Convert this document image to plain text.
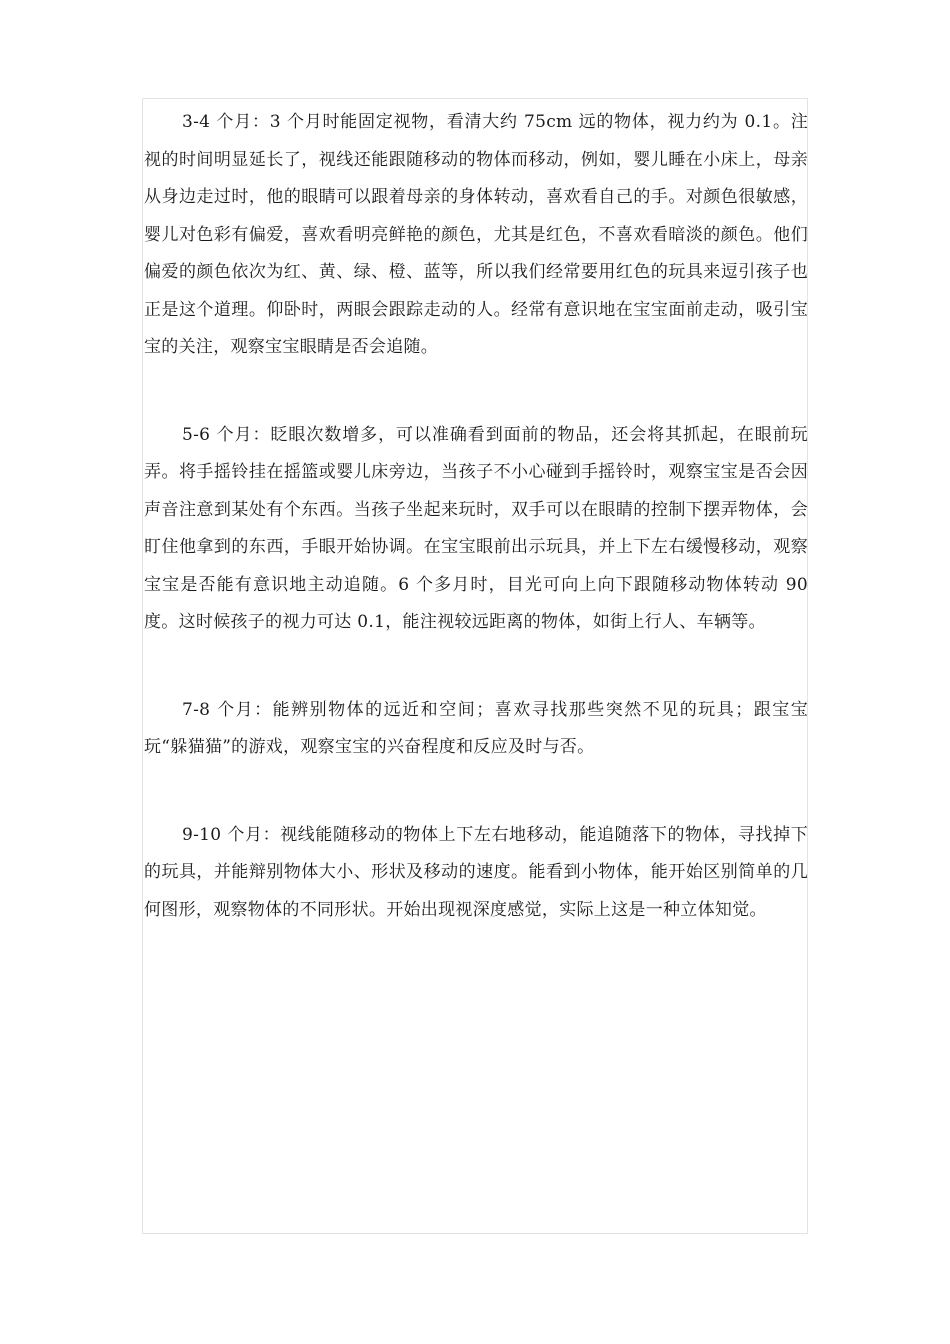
3-4 个月：3 个月时能固定视物，看清大约 75cm 远的物体，视力约为 0.1。注视的时间明显延长了，视线还能跟随移动的物体而移动，例如，婴儿睡在小床上，母亲从身边走过时，他的眼睛可以跟着母亲的身体转动，喜欢看自己的手。对颜色很敏感，婴儿对色彩有偏爱，喜欢看明亮鲜艳的颜色，尤其是红色，不喜欢看暗淡的颜色。他们偏爱的颜色依次为红、黄、绿、橙、蓝等，所以我们经常要用红色的玩具来逗引孩子也正是这个道理。仰卧时，两眼会跟踪走动的人。经常有意识地在宝宝面前走动，吸引宝宝的关注，观察宝宝眼睛是否会追随。

5-6 个月：眨眼次数增多，可以准确看到面前的物品，还会将其抓起，在眼前玩弄。将手摇铃挂在摇篮或婴儿床旁边，当孩子不小心碰到手摇铃时，观察宝宝是否会因声音注意到某处有个东西。当孩子坐起来玩时，双手可以在眼睛的控制下摆弄物体，会盯住他拿到的东西，手眼开始协调。在宝宝眼前出示玩具，并上下左右缓慢移动，观察宝宝是否能有意识地主动追随。6 个多月时，目光可向上向下跟随移动物体转动 90 度。这时候孩子的视力可达 0.1，能注视较远距离的物体，如街上行人、车辆等。

7-8 个月：能辨别物体的远近和空间；喜欢寻找那些突然不见的玩具；跟宝宝玩“躲猫猫”的游戏，观察宝宝的兴奋程度和反应及时与否。

9-10 个月：视线能随移动的物体上下左右地移动，能追随落下的物体，寻找掉下的玩具，并能辩别物体大小、形状及移动的速度。能看到小物体，能开始区别简单的几何图形，观察物体的不同形状。开始出现视深度感觉，实际上这是一种立体知觉。
